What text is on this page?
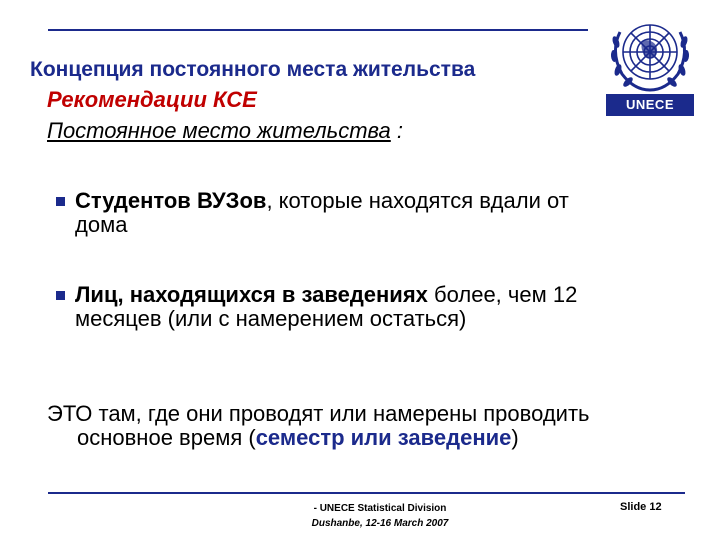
Концепция постоянного места жительства

Рекомендации КСЕ

Постоянное место жительства :

UNECE
Студентов ВУЗов, которые находятся вдали от дома
Лиц, находящихся в заведениях более, чем 12 месяцев (или с намерением остаться)
ЭТО там, где они проводят или намерены проводить основное время (семестр или заведение)
- UNECE Statistical Division
Dushanbe, 12-16 March 2007
Slide 12
